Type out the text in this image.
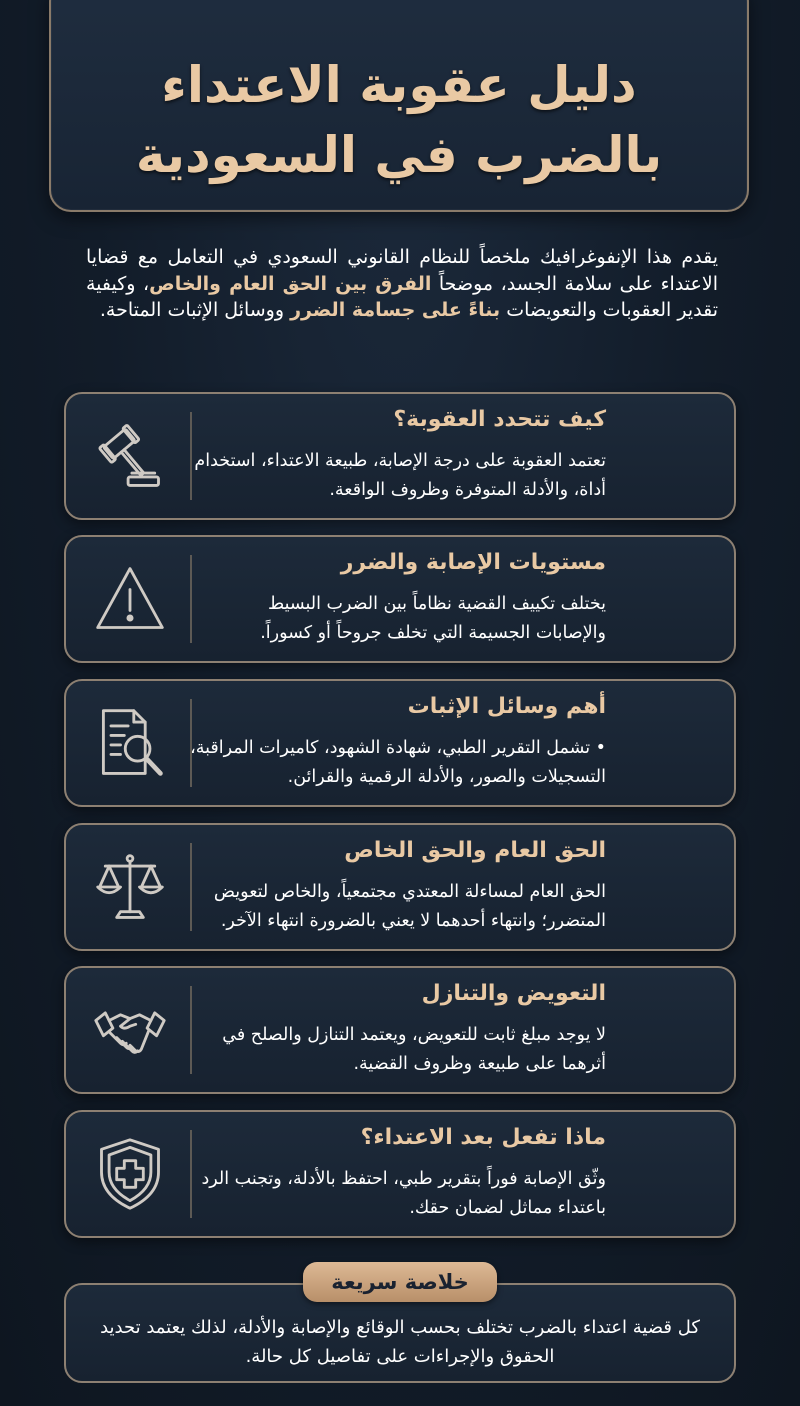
دليل عقوبة الاعتداء
بالضرب في السعودية
يقدم هذا الإنفوغرافيك ملخصاً للنظام القانوني السعودي في التعامل مع قضايا الاعتداء على سلامة الجسد، موضحاً الفرق بين الحق العام والخاص، وكيفية تقدير العقوبات والتعويضات بناءً على جسامة الضرر ووسائل الإثبات المتاحة.
كيف تتحدد العقوبة؟
تعتمد العقوبة على درجة الإصابة، طبيعة الاعتداء، استخدام أداة، والأدلة المتوفرة وظروف الواقعة.
مستويات الإصابة والضرر
يختلف تكييف القضية نظاماً بين الضرب البسيط والإصابات الجسيمة التي تخلف جروحاً أو كسوراً.
أهم وسائل الإثبات
• تشمل التقرير الطبي، شهادة الشهود، كاميرات المراقبة، التسجيلات والصور، والأدلة الرقمية والقرائن.
الحق العام والحق الخاص
الحق العام لمساءلة المعتدي مجتمعياً، والخاص لتعويض المتضرر؛ وانتهاء أحدهما لا يعني بالضرورة انتهاء الآخر.
التعويض والتنازل
لا يوجد مبلغ ثابت للتعويض، ويعتمد التنازل والصلح في أثرهما على طبيعة وظروف القضية.
ماذا تفعل بعد الاعتداء؟
وثّق الإصابة فوراً بتقرير طبي، احتفظ بالأدلة، وتجنب الرد باعتداء مماثل لضمان حقك.
خلاصة سريعة
كل قضية اعتداء بالضرب تختلف بحسب الوقائع والإصابة والأدلة، لذلك يعتمد تحديد الحقوق والإجراءات على تفاصيل كل حالة.
